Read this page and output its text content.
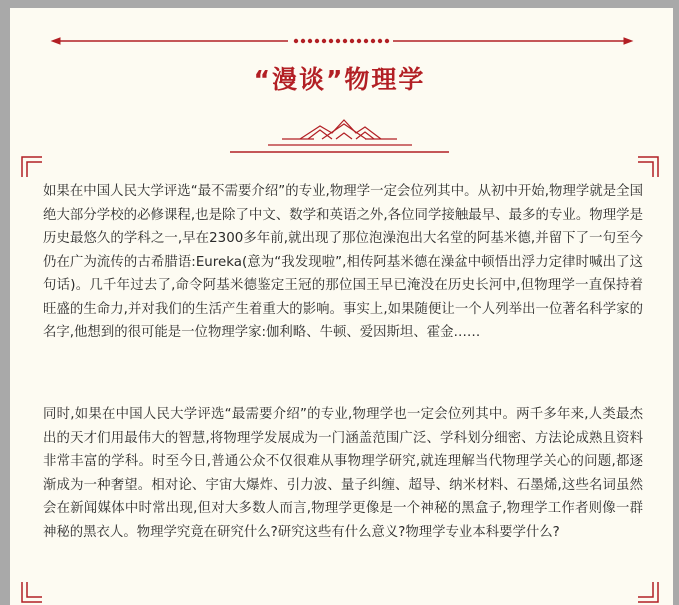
“漫谈”物理学

如果在中国人民大学评选“最不需要介绍”的专业,物理学一定会位列其中。从初中开始,物理学就是全国绝大部分学校的必修课程,也是除了中文、数学和英语之外,各位同学接触最早、最多的专业。物理学是历史最悠久的学科之一,早在2300多年前,就出现了那位泡澡泡出大名堂的阿基米德,并留下了一句至今仍在广为流传的古希腊语:Eureka(意为“我发现啦”,相传阿基米德在澡盆中顿悟出浮力定律时喊出了这句话)。几千年过去了,命令阿基米德鉴定王冠的那位国王早已淹没在历史长河中,但物理学一直保持着旺盛的生命力,并对我们的生活产生着重大的影响。事实上,如果随便让一个人列举出一位著名科学家的名字,他想到的很可能是一位物理学家:伽利略、牛顿、爱因斯坦、霍金……

同时,如果在中国人民大学评选“最需要介绍”的专业,物理学也一定会位列其中。两千多年来,人类最杰出的天才们用最伟大的智慧,将物理学发展成为一门涵盖范围广泛、学科划分细密、方法论成熟且资料非常丰富的学科。时至今日,普通公众不仅很难从事物理学研究,就连理解当代物理学关心的问题,都逐渐成为一种奢望。相对论、宇宙大爆炸、引力波、量子纠缠、超导、纳米材料、石墨烯,这些名词虽然会在新闻媒体中时常出现,但对大多数人而言,物理学更像是一个神秘的黑盒子,物理学工作者则像一群神秘的黑衣人。物理学究竟在研究什么?研究这些有什么意义?物理学专业本科要学什么?
